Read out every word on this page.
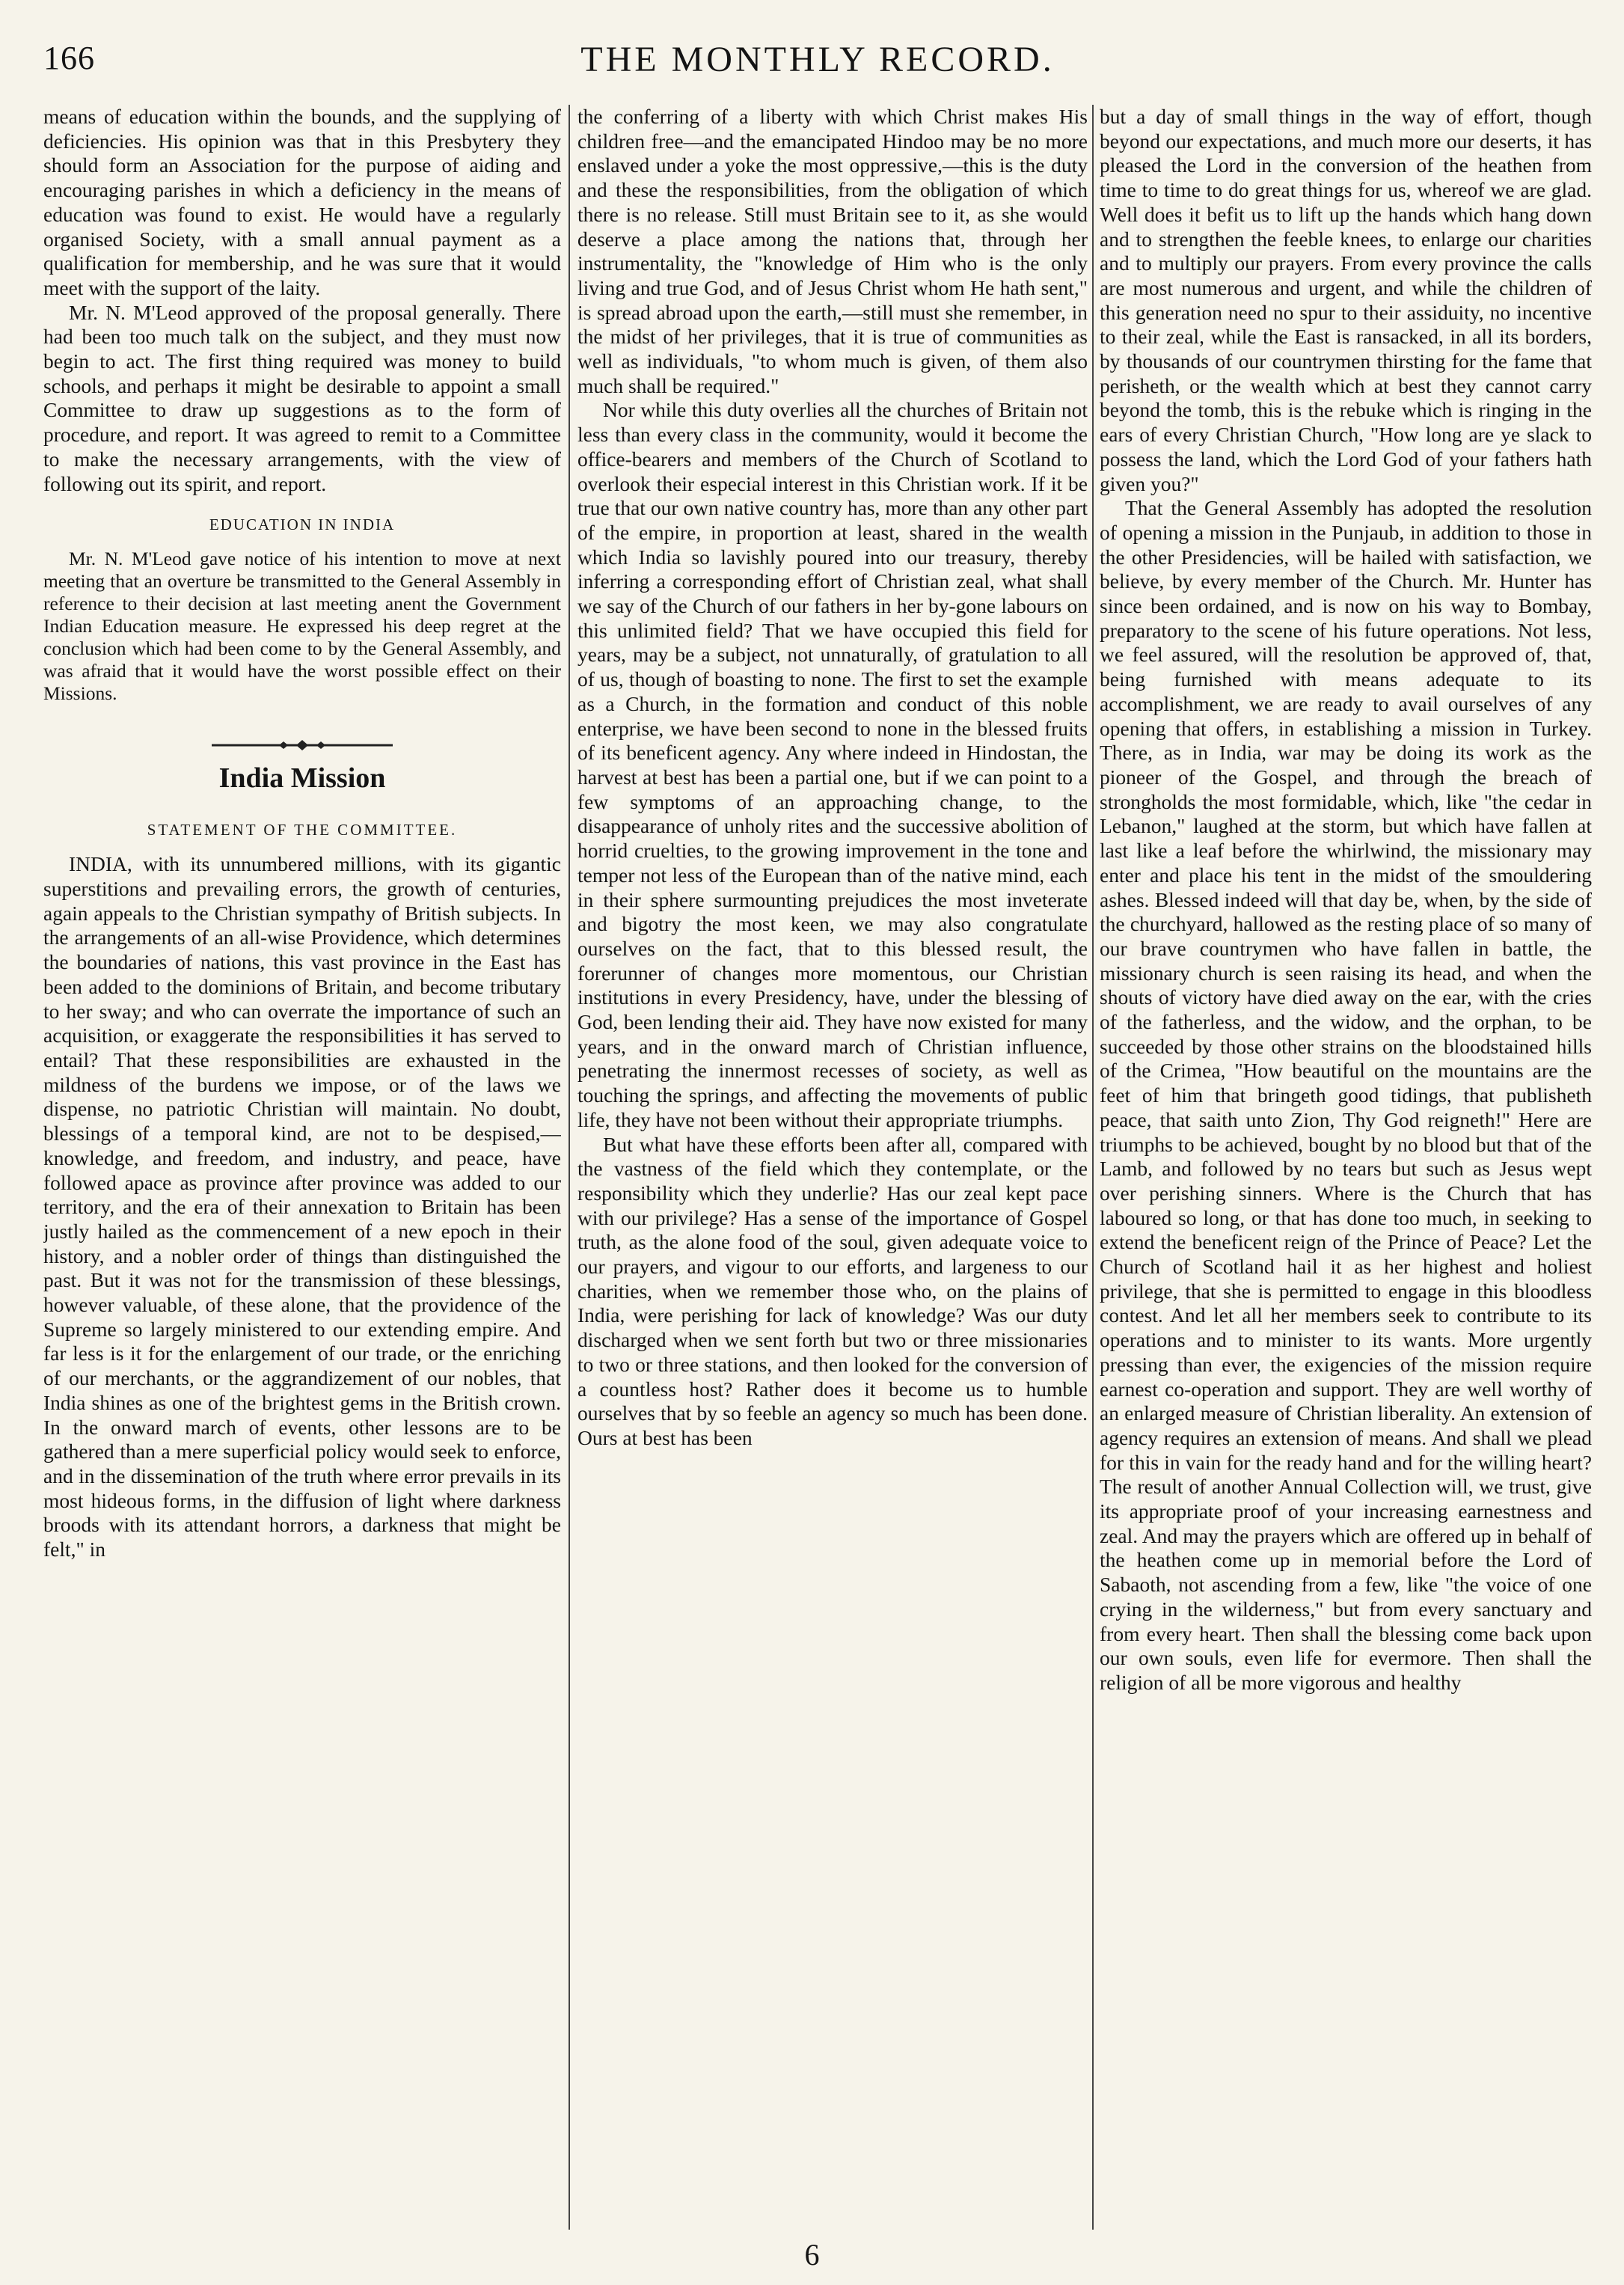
166	THE MONTHLY RECORD.

means of education within the bounds, and the supplying of deficiencies. His opinion was that in this Presbytery they should form an Association for the purpose of aiding and encouraging parishes in which a deficiency in the means of education was found to exist. He would have a regularly organised Society, with a small annual payment as a qualification for membership, and he was sure that it would meet with the support of the laity.

Mr. N. M'Leod approved of the proposal generally. There had been too much talk on the subject, and they must now begin to act. The first thing required was money to build schools, and perhaps it might be desirable to appoint a small Committee to draw up suggestions as to the form of procedure, and report. It was agreed to remit to a Committee to make the necessary arrangements, with the view of following out its spirit, and report.

EDUCATION IN INDIA

Mr. N. M'Leod gave notice of his intention to move at next meeting that an overture be transmitted to the General Assembly in reference to their decision at last meeting anent the Government Indian Education measure. He expressed his deep regret at the conclusion which had been come to by the General Assembly, and was afraid that it would have the worst possible effect on their Missions.

India Mission
STATEMENT OF THE COMMITTEE.

INDIA, with its unnumbered millions, with its gigantic superstitions and prevailing errors, the growth of centuries, again appeals to the Christian sympathy of British subjects. In the arrangements of an all-wise Providence, which determines the boundaries of nations, this vast province in the East has been added to the dominions of Britain, and become tributary to her sway; and who can overrate the importance of such an acquisition, or exaggerate the responsibilities it has served to entail? That these responsibilities are exhausted in the mildness of the burdens we impose, or of the laws we dispense, no patriotic Christian will maintain. No doubt, blessings of a temporal kind, are not to be despised,—knowledge, and freedom, and industry, and peace, have followed apace as province after province was added to our territory, and the era of their annexation to Britain has been justly hailed as the commencement of a new epoch in their history, and a nobler order of things than distinguished the past. But it was not for the transmission of these blessings, however valuable, of these alone, that the providence of the Supreme so largely ministered to our extending empire. And far less is it for the enlargement of our trade, or the enriching of our merchants, or the aggrandizement of our nobles, that India shines as one of the brightest gems in the British crown. In the onward march of events, other lessons are to be gathered than a mere superficial policy would seek to enforce, and in the dissemination of the truth where error prevails in its most hideous forms, in the diffusion of light where darkness broods with its attendant horrors, a darkness that might be felt," in

the conferring of a liberty with which Christ makes His children free—and the emancipated Hindoo may be no more enslaved under a yoke the most oppressive,—this is the duty and these the responsibilities, from the obligation of which there is no release. Still must Britain see to it, as she would deserve a place among the nations that, through her instrumentality, the "knowledge of Him who is the only living and true God, and of Jesus Christ whom He hath sent," is spread abroad upon the earth,—still must she remember, in the midst of her privileges, that it is true of communities as well as individuals, "to whom much is given, of them also much shall be required."

Nor while this duty overlies all the churches of Britain not less than every class in the community, would it become the office-bearers and members of the Church of Scotland to overlook their especial interest in this Christian work. If it be true that our own native country has, more than any other part of the empire, in proportion at least, shared in the wealth which India so lavishly poured into our treasury, thereby inferring a corresponding effort of Christian zeal, what shall we say of the Church of our fathers in her by-gone labours on this unlimited field? That we have occupied this field for years, may be a subject, not unnaturally, of gratulation to all of us, though of boasting to none. The first to set the example as a Church, in the formation and conduct of this noble enterprise, we have been second to none in the blessed fruits of its beneficent agency. Any where indeed in Hindostan, the harvest at best has been a partial one, but if we can point to a few symptoms of an approaching change, to the disappearance of unholy rites and the successive abolition of horrid cruelties, to the growing improvement in the tone and temper not less of the European than of the native mind, each in their sphere surmounting prejudices the most inveterate and bigotry the most keen, we may also congratulate ourselves on the fact, that to this blessed result, the forerunner of changes more momentous, our Christian institutions in every Presidency, have, under the blessing of God, been lending their aid. They have now existed for many years, and in the onward march of Christian influence, penetrating the innermost recesses of society, as well as touching the springs, and affecting the movements of public life, they have not been without their appropriate triumphs.

But what have these efforts been after all, compared with the vastness of the field which they contemplate, or the responsibility which they underlie? Has our zeal kept pace with our privilege? Has a sense of the importance of Gospel truth, as the alone food of the soul, given adequate voice to our prayers, and vigour to our efforts, and largeness to our charities, when we remember those who, on the plains of India, were perishing for lack of knowledge? Was our duty discharged when we sent forth but two or three missionaries to two or three stations, and then looked for the conversion of a countless host? Rather does it become us to humble ourselves that by so feeble an agency so much has been done. Ours at best has been

but a day of small things in the way of effort, though beyond our expectations, and much more our deserts, it has pleased the Lord in the conversion of the heathen from time to time to do great things for us, whereof we are glad. Well does it befit us to lift up the hands which hang down and to strengthen the feeble knees, to enlarge our charities and to multiply our prayers. From every province the calls are most numerous and urgent, and while the children of this generation need no spur to their assiduity, no incentive to their zeal, while the East is ransacked, in all its borders, by thousands of our countrymen thirsting for the fame that perisheth, or the wealth which at best they cannot carry beyond the tomb, this is the rebuke which is ringing in the ears of every Christian Church, "How long are ye slack to possess the land, which the Lord God of your fathers hath given you?"

That the General Assembly has adopted the resolution of opening a mission in the Punjaub, in addition to those in the other Presidencies, will be hailed with satisfaction, we believe, by every member of the Church. Mr. Hunter has since been ordained, and is now on his way to Bombay, preparatory to the scene of his future operations. Not less, we feel assured, will the resolution be approved of, that, being furnished with means adequate to its accomplishment, we are ready to avail ourselves of any opening that offers, in establishing a mission in Turkey. There, as in India, war may be doing its work as the pioneer of the Gospel, and through the breach of strongholds the most formidable, which, like "the cedar in Lebanon," laughed at the storm, but which have fallen at last like a leaf before the whirlwind, the missionary may enter and place his tent in the midst of the smouldering ashes. Blessed indeed will that day be, when, by the side of the churchyard, hallowed as the resting place of so many of our brave countrymen who have fallen in battle, the missionary church is seen raising its head, and when the shouts of victory have died away on the ear, with the cries of the fatherless, and the widow, and the orphan, to be succeeded by those other strains on the bloodstained hills of the Crimea, "How beautiful on the mountains are the feet of him that bringeth good tidings, that publisheth peace, that saith unto Zion, Thy God reigneth!" Here are triumphs to be achieved, bought by no blood but that of the Lamb, and followed by no tears but such as Jesus wept over perishing sinners. Where is the Church that has laboured so long, or that has done too much, in seeking to extend the beneficent reign of the Prince of Peace? Let the Church of Scotland hail it as her highest and holiest privilege, that she is permitted to engage in this bloodless contest. And let all her members seek to contribute to its operations and to minister to its wants. More urgently pressing than ever, the exigencies of the mission require earnest co-operation and support. They are well worthy of an enlarged measure of Christian liberality. An extension of agency requires an extension of means. And shall we plead for this in vain for the ready hand and for the willing heart? The result of another Annual Collection will, we trust, give its appropriate proof of your increasing earnestness and zeal. And may the prayers which are offered up in behalf of the heathen come up in memorial before the Lord of Sabaoth, not ascending from a few, like "the voice of one crying in the wilderness," but from every sanctuary and from every heart. Then shall the blessing come back upon our own souls, even life for evermore. Then shall the religion of all be more vigorous and healthy

6
